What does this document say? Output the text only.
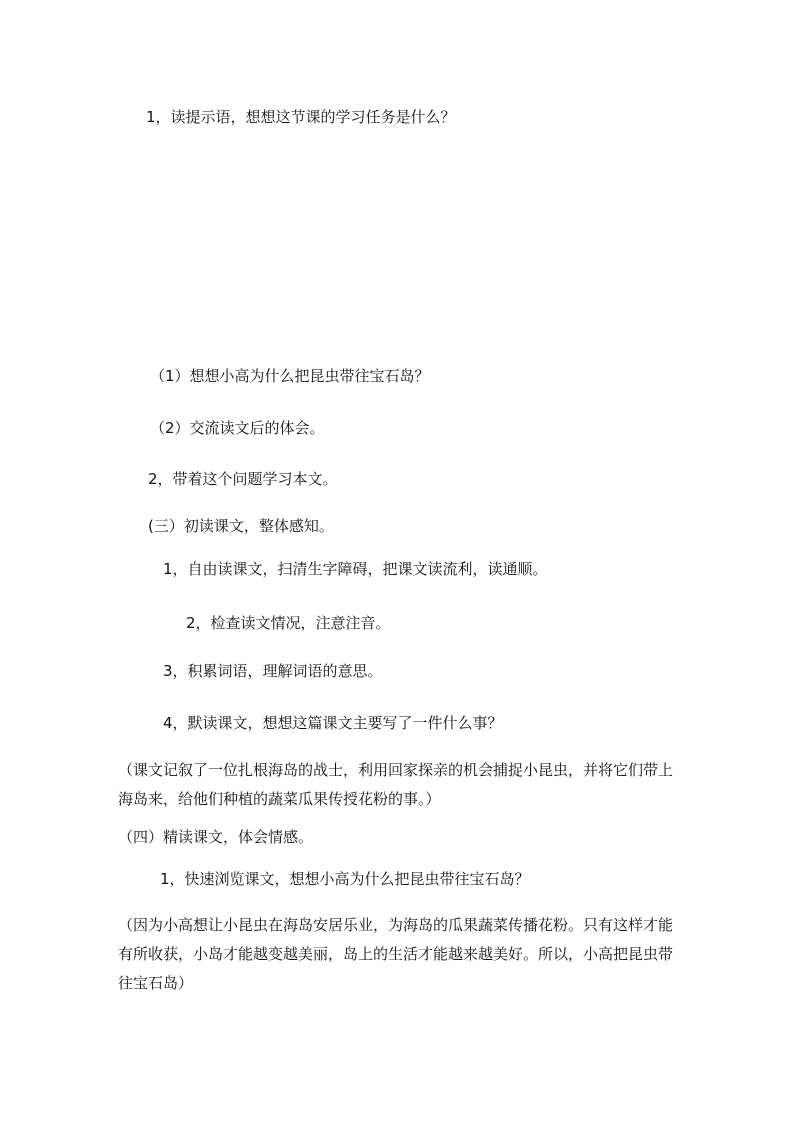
1，读提示语，想想这节课的学习任务是什么？
（1）想想小高为什么把昆虫带往宝石岛？
（2）交流读文后的体会。
2，带着这个问题学习本文。
(三）初读课文，整体感知。
1，自由读课文，扫清生字障碍，把课文读流利，读通顺。
2，检查读文情况，注意注音。
3，积累词语，理解词语的意思。
4，默读课文，想想这篇课文主要写了一件什么事？
（课文记叙了一位扎根海岛的战士，利用回家探亲的机会捕捉小昆虫，并将它们带上海岛来，给他们种植的蔬菜瓜果传授花粉的事。）
（四）精读课文，体会情感。
1，快速浏览课文，想想小高为什么把昆虫带往宝石岛？
（因为小高想让小昆虫在海岛安居乐业，为海岛的瓜果蔬菜传播花粉。只有这样才能有所收获，小岛才能越变越美丽，岛上的生活才能越来越美好。所以，小高把昆虫带往宝石岛）
